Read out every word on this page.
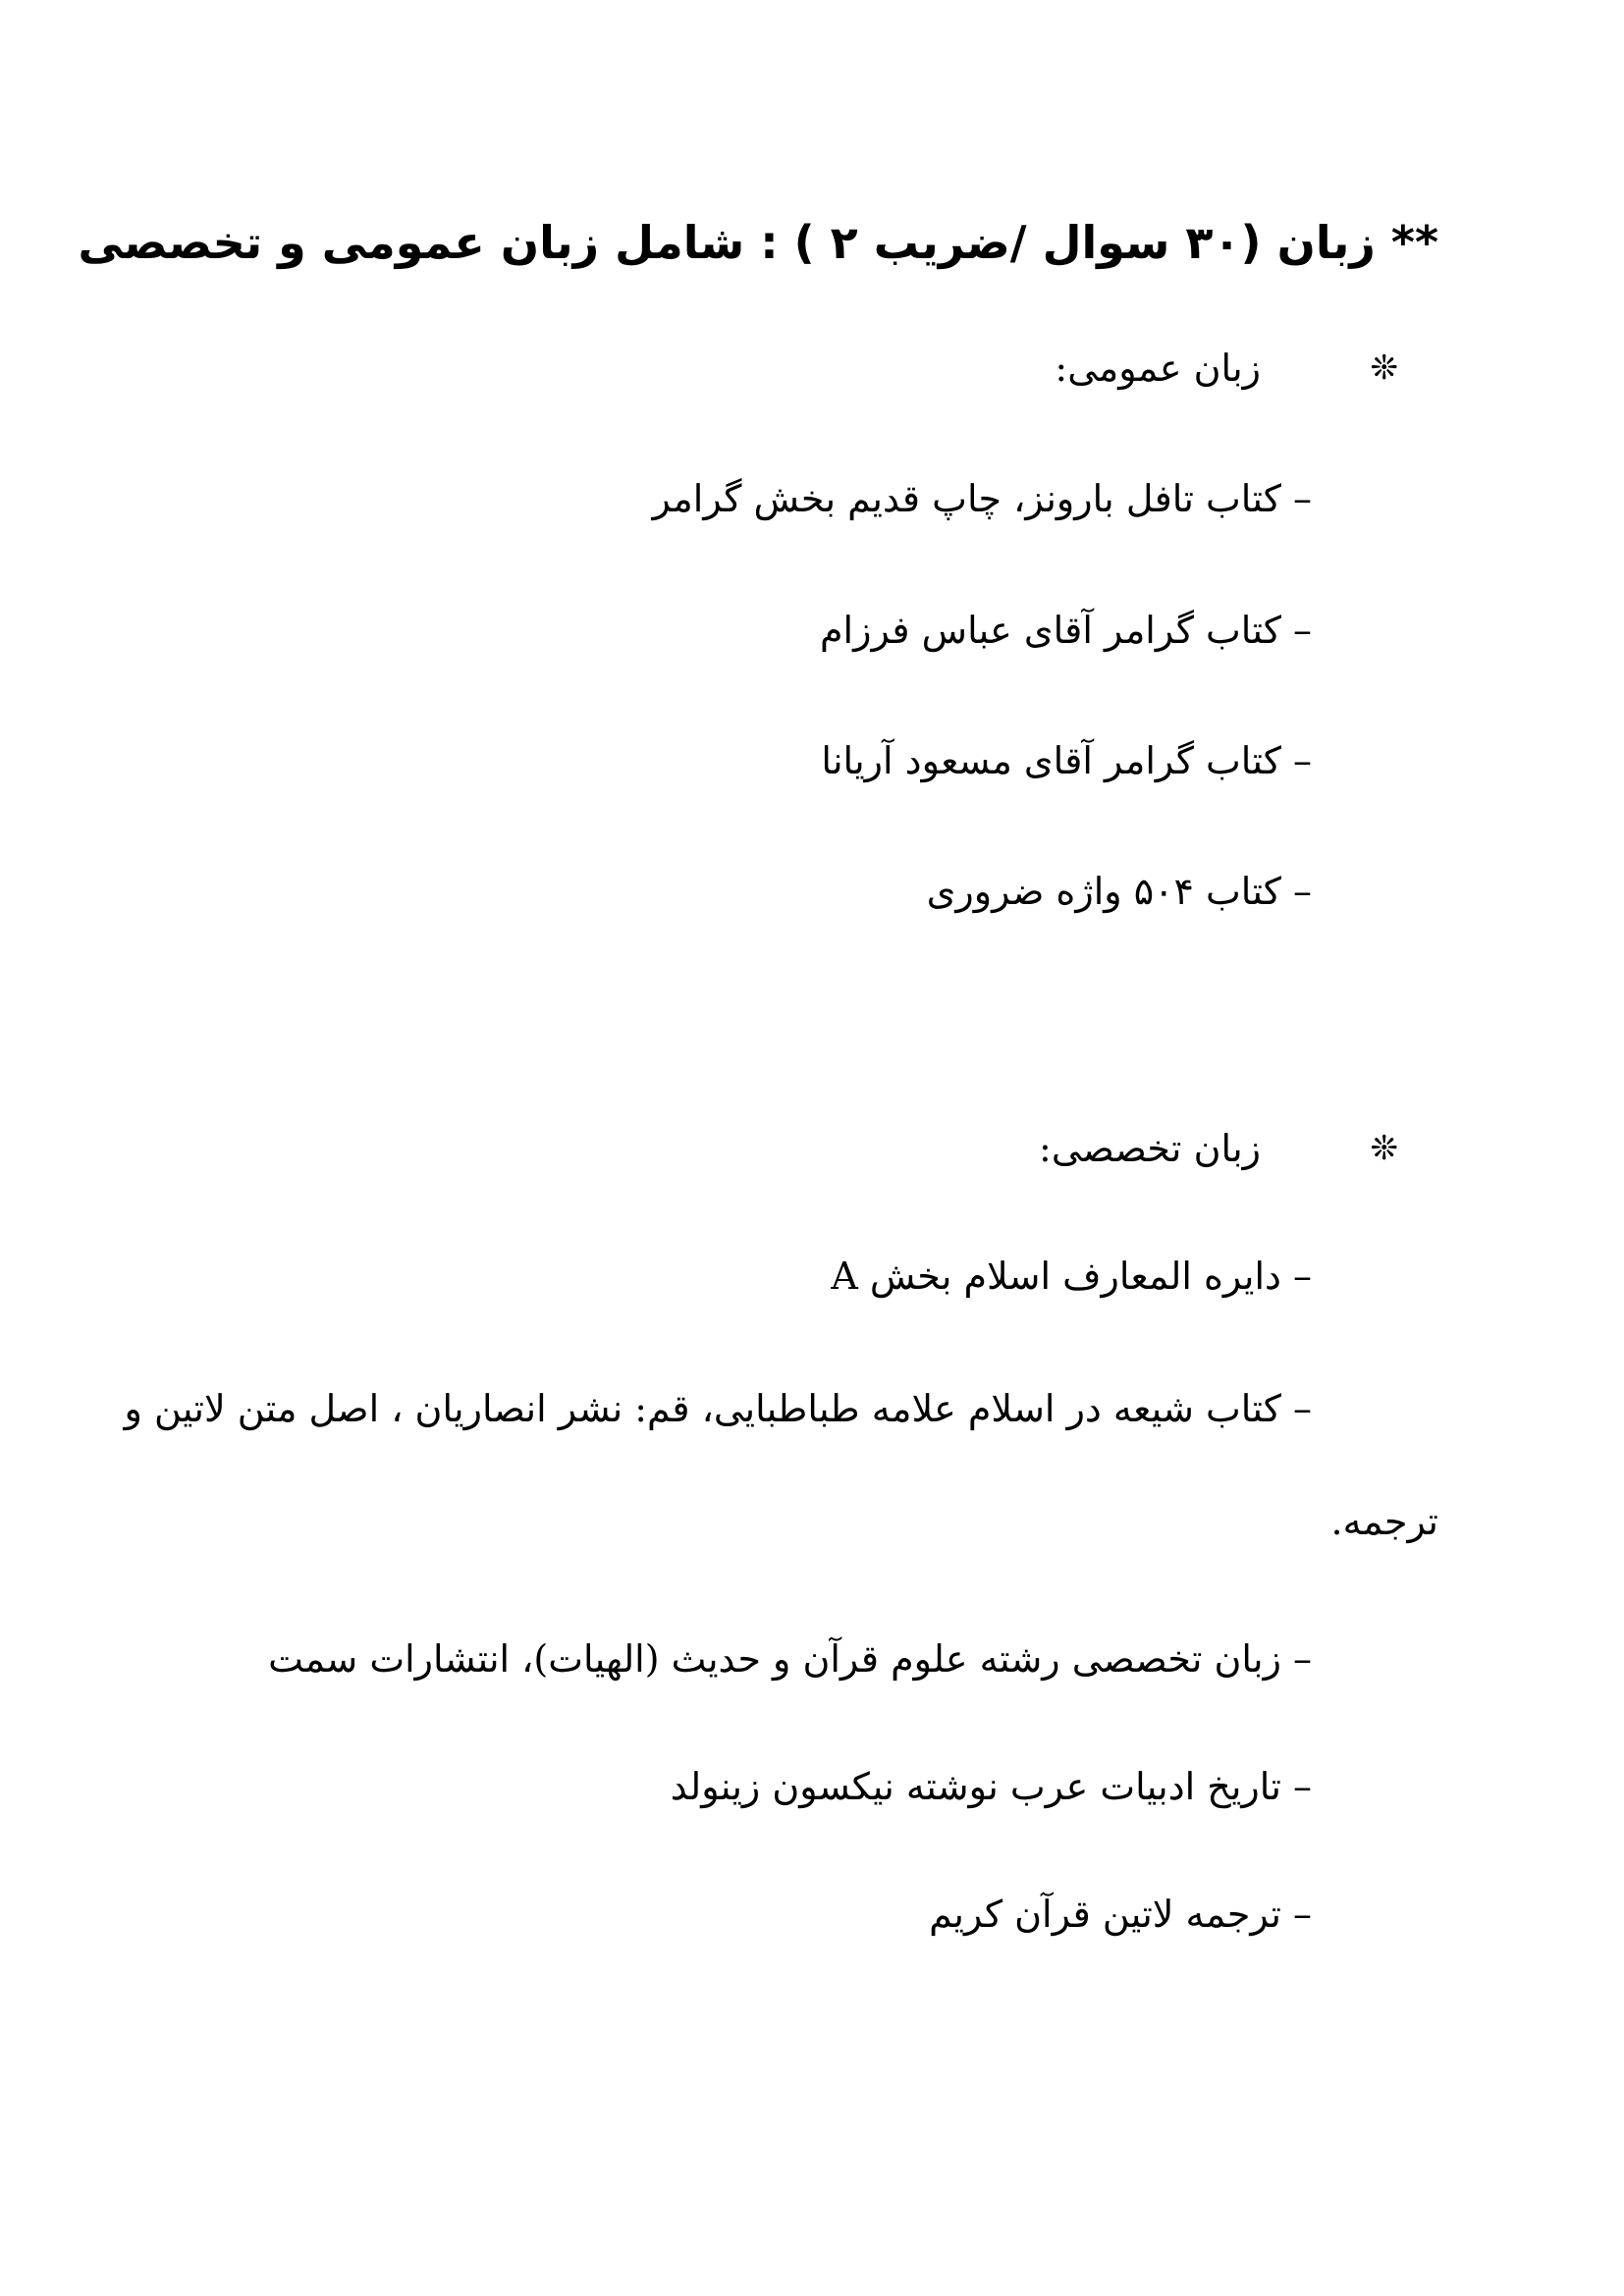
** زبان (۳۰ سوال /ضریب ۲ ) : شامل زبان عمومی و تخصصی
❊
زبان عمومی:
– کتاب تافل بارونز، چاپ قدیم بخش گرامر
– کتاب گرامر آقای عباس فرزام
– کتاب گرامر آقای مسعود آریانا
– کتاب ۵۰۴ واژه ضروری
❊
زبان تخصصی:
– دایره المعارف اسلام بخش A
– کتاب شیعه در اسلام علامه طباطبایی، قم: نشر انصاریان ، اصل متن لاتین و
ترجمه.
– زبان تخصصی رشته علوم قرآن و حدیث (الهیات)، انتشارات سمت
– تاریخ ادبیات عرب نوشته نیکسون زینولد
– ترجمه لاتین قرآن کریم
